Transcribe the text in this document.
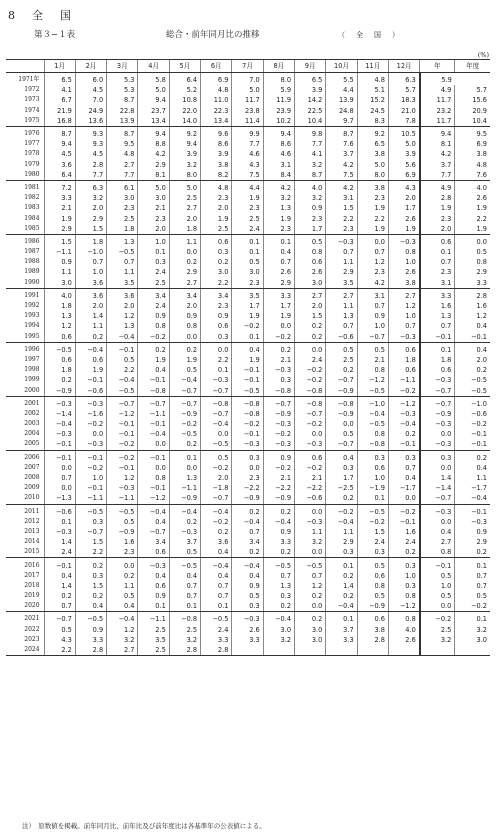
8　全　国
第３−１表	総合・前年同月比の推移	（　全　国　）
(%)
	1月	2月	3月	4月	5月	6月	7月	8月	9月	10月	11月	12月	年	年度
1971年	6.5	6.0	5.3	5.8	6.4	6.9	7.0	8.0	6.5	5.5	4.8	6.3	5.9	
1972	4.1	4.5	5.3	5.0	5.2	4.8	5.0	5.9	3.9	4.4	5.1	5.7	4.9	5.7
1973	6.7	7.0	8.7	9.4	10.8	11.0	11.7	11.9	14.2	13.9	15.2	18.3	11.7	15.6
1974	21.9	24.9	22.8	23.7	22.0	22.3	23.8	23.9	22.5	24.8	24.5	21.0	23.2	20.9
1975	16.8	13.6	13.9	13.4	14.0	13.4	11.4	10.2	10.4	9.7	8.3	7.8	11.7	10.4
1976	8.7	9.3	8.7	9.4	9.2	9.6	9.9	9.4	9.8	8.7	9.2	10.5	9.4	9.5
1977	9.4	9.3	9.5	8.8	9.4	8.6	7.7	8.6	7.7	7.6	6.5	5.0	8.1	6.9
1978	4.5	4.5	4.8	4.2	3.9	3.9	4.6	4.6	4.1	3.7	3.8	3.9	4.2	3.8
1979	3.6	2.8	2.7	2.9	3.2	3.8	4.3	3.1	3.2	4.2	5.0	5.6	3.7	4.8
1980	6.4	7.7	7.7	8.1	8.0	8.2	7.5	8.4	8.7	7.5	8.0	6.9	7.7	7.6
1981	7.2	6.3	6.1	5.0	5.0	4.8	4.4	4.2	4.0	4.2	3.8	4.3	4.9	4.0
1982	3.3	3.2	3.0	3.0	2.5	2.3	1.9	3.2	3.2	3.1	2.3	2.0	2.8	2.6
1983	2.1	2.0	2.3	2.1	2.7	2.0	2.3	1.3	0.9	1.5	1.9	1.7	1.9	1.9
1984	1.9	2.9	2.5	2.3	2.0	1.9	2.5	1.9	2.3	2.2	2.2	2.6	2.3	2.2
1985	2.9	1.5	1.8	2.0	1.8	2.5	2.4	2.3	1.7	2.3	1.9	1.9	2.0	1.9
1986	1.5	1.8	1.3	1.0	1.1	0.6	0.1	0.1	0.5	−0.3	0.0	−0.3	0.6	0.0
1987	−1.1	−1.0	−0.5	0.1	0.0	0.3	0.1	0.4	0.8	0.7	0.7	0.8	0.1	0.5
1988	0.9	0.7	0.7	0.3	0.2	0.2	0.5	0.7	0.6	1.1	1.2	1.0	0.7	0.8
1989	1.1	1.0	1.1	2.4	2.9	3.0	3.0	2.6	2.6	2.9	2.3	2.6	2.3	2.9
1990	3.0	3.6	3.5	2.5	2.7	2.2	2.3	2.9	3.0	3.5	4.2	3.8	3.1	3.3
1991	4.0	3.6	3.6	3.4	3.4	3.4	3.5	3.3	2.7	2.7	3.1	2.7	3.3	2.8
1992	1.8	2.0	2.0	2.4	2.0	2.3	1.7	1.7	2.0	1.1	0.7	1.2	1.6	1.6
1993	1.3	1.4	1.2	0.9	0.9	0.9	1.9	1.9	1.5	1.3	0.9	1.0	1.3	1.2
1994	1.2	1.1	1.3	0.8	0.8	0.6	−0.2	0.0	0.2	0.7	1.0	0.7	0.7	0.4
1995	0.6	0.2	−0.4	−0.2	0.0	0.3	0.1	−0.2	0.2	−0.6	−0.7	−0.3	−0.1	−0.1
1996	−0.5	−0.4	−0.1	0.2	0.2	0.0	0.4	0.2	0.0	0.5	0.5	0.6	0.1	0.4
1997	0.6	0.6	0.5	1.9	1.9	2.2	1.9	2.1	2.4	2.5	2.1	1.8	1.8	2.0
1998	1.8	1.9	2.2	0.4	0.5	0.1	−0.1	−0.3	−0.2	0.2	0.8	0.6	0.6	0.2
1999	0.2	−0.1	−0.4	−0.1	−0.4	−0.3	−0.1	0.3	−0.2	−0.7	−1.2	−1.1	−0.3	−0.5
2000	−0.9	−0.6	−0.5	−0.8	−0.7	−0.7	−0.5	−0.8	−0.8	−0.9	−0.5	−0.2	−0.7	−0.5
2001	−0.3	−0.3	−0.7	−0.7	−0.7	−0.8	−0.8	−0.7	−0.8	−0.8	−1.0	−1.2	−0.7	−1.0
2002	−1.4	−1.6	−1.2	−1.1	−0.9	−0.7	−0.8	−0.9	−0.7	−0.9	−0.4	−0.3	−0.9	−0.6
2003	−0.4	−0.2	−0.1	−0.1	−0.2	−0.4	−0.2	−0.3	−0.2	0.0	−0.5	−0.4	−0.3	−0.2
2004	−0.3	0.0	−0.1	−0.4	−0.5	0.0	−0.1	−0.2	0.0	0.5	0.8	0.2	0.0	−0.1
2005	−0.1	−0.3	−0.2	0.0	0.2	−0.5	−0.3	−0.3	−0.3	−0.7	−0.8	−0.1	−0.3	−0.1
2006	−0.1	−0.1	−0.2	−0.1	0.1	0.5	0.3	0.9	0.6	0.4	0.3	0.3	0.3	0.2
2007	0.0	−0.2	−0.1	0.0	0.0	−0.2	0.0	−0.2	−0.2	0.3	0.6	0.7	0.0	0.4
2008	0.7	1.0	1.2	0.8	1.3	2.0	2.3	2.1	2.1	1.7	1.0	0.4	1.4	1.1
2009	0.0	−0.1	−0.3	−0.1	−1.1	−1.8	−2.2	−2.2	−2.2	−2.5	−1.9	−1.7	−1.4	−1.7
2010	−1.3	−1.1	−1.1	−1.2	−0.9	−0.7	−0.9	−0.9	−0.6	0.2	0.1	0.0	−0.7	−0.4
2011	−0.6	−0.5	−0.5	−0.4	−0.4	−0.4	0.2	0.2	0.0	−0.2	−0.5	−0.2	−0.3	−0.1
2012	0.1	0.3	0.5	0.4	0.2	−0.2	−0.4	−0.4	−0.3	−0.4	−0.2	−0.1	0.0	−0.3
2013	−0.3	−0.7	−0.9	−0.7	−0.3	0.2	0.7	0.9	1.1	1.1	1.5	1.6	0.4	0.9
2014	1.4	1.5	1.6	3.4	3.7	3.6	3.4	3.3	3.2	2.9	2.4	2.4	2.7	2.9
2015	2.4	2.2	2.3	0.6	0.5	0.4	0.2	0.2	0.0	0.3	0.3	0.2	0.8	0.2
2016	−0.1	0.2	0.0	−0.3	−0.5	−0.4	−0.4	−0.5	−0.5	0.1	0.5	0.3	−0.1	0.1
2017	0.4	0.3	0.2	0.4	0.4	0.4	0.4	0.7	0.7	0.2	0.6	1.0	0.5	0.7
2018	1.4	1.5	1.1	0.6	0.7	0.7	0.9	1.3	1.2	1.4	0.8	0.3	1.0	0.7
2019	0.2	0.2	0.5	0.9	0.7	0.7	0.5	0.3	0.2	0.2	0.5	0.8	0.5	0.5
2020	0.7	0.4	0.4	0.1	0.1	0.1	0.3	0.2	0.0	−0.4	−0.9	−1.2	0.0	−0.2
2021	−0.7	−0.5	−0.4	−1.1	−0.8	−0.5	−0.3	−0.4	0.2	0.1	0.6	0.8	−0.2	0.1
2022	0.5	0.9	1.2	2.5	2.5	2.4	2.6	3.0	3.0	3.7	3.8	4.0	2.5	3.2
2023	4.3	3.3	3.2	3.5	3.2	3.3	3.3	3.2	3.0	3.3	2.8	2.6	3.2	3.0
2024	2.2	2.8	2.7	2.5	2.8	2.8								
注）　原数値を掲載。前年同月比、前年比及び前年度比は各基準年の公表値による。
